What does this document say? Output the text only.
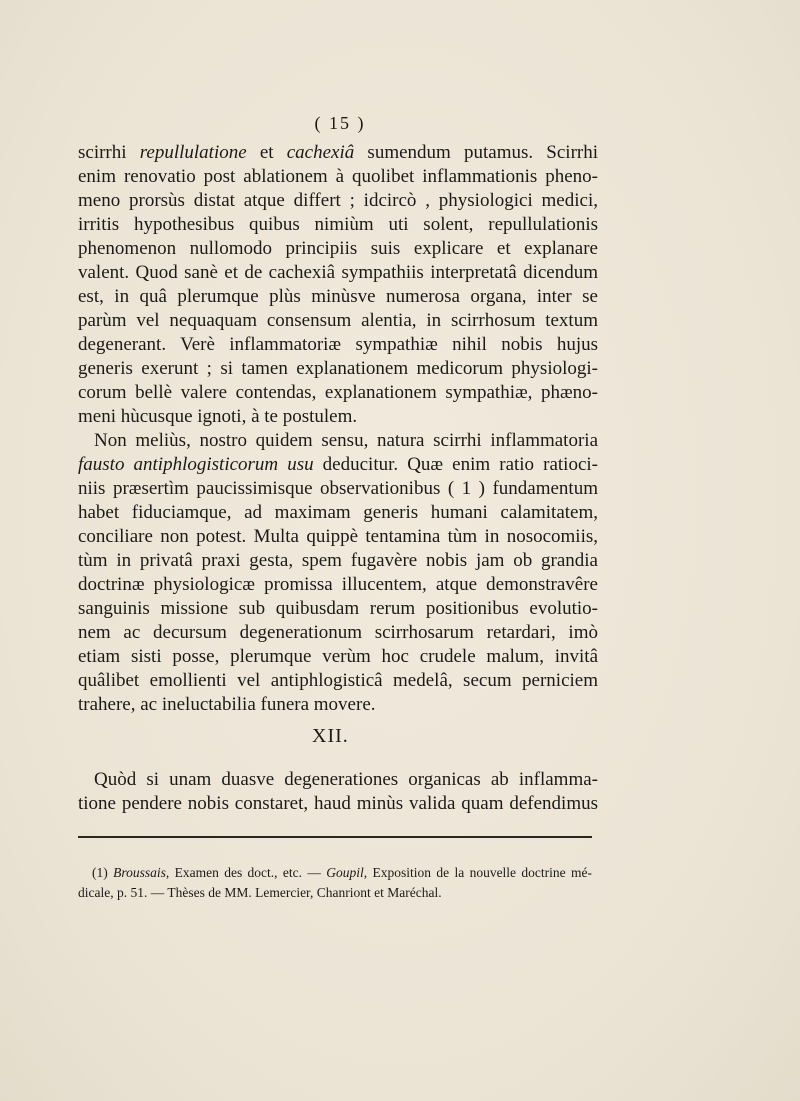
( 15 )
scirrhi repullulatione et cachexiâ sumendum putamus. Scirrhi
enim renovatio post ablationem à quolibet inflammationis pheno-
meno prorsùs distat atque differt ; idcircò , physiologici medici,
irritis hypothesibus quibus nimiùm uti solent, repullulationis
phenomenon nullomodo principiis suis explicare et explanare
valent. Quod sanè et de cachexiâ sympathiis interpretatâ dicendum
est, in quâ plerumque plùs minùsve numerosa organa, inter se
parùm vel nequaquam consensum alentia, in scirrhosum textum
degenerant. Verè inflammatoriæ sympathiæ nihil nobis hujus
generis exerunt ; si tamen explanationem medicorum physiologi-
corum bellè valere contendas, explanationem sympathiæ, phæno-
meni hùcusque ignoti, à te postulem.
Non meliùs, nostro quidem sensu, natura scirrhi inflammatoria
fausto antiphlogisticorum usu deducitur. Quæ enim ratio ratioci-
niis præsertìm paucissimisque observationibus ( 1 ) fundamentum
habet fiduciamque, ad maximam generis humani calamitatem,
conciliare non potest. Multa quippè tentamina tùm in nosocomiis,
tùm in privatâ praxi gesta, spem fugavère nobis jam ob grandia
doctrinæ physiologicæ promissa illucentem, atque demonstravêre
sanguinis missione sub quibusdam rerum positionibus evolutio-
nem ac decursum degenerationum scirrhosarum retardari, imò
etiam sisti posse, plerumque verùm hoc crudele malum, invitâ
quâlibet emollienti vel antiphlogisticâ medelâ, secum perniciem
trahere, ac ineluctabilia funera movere.
XII.
Quòd si unam duasve degenerationes organicas ab inflamma-
tione pendere nobis constaret, haud minùs valida quam defendimus
(1) Broussais, Examen des doct., etc. — Goupil, Exposition de la nouvelle doctrine mé-
dicale, p. 51. — Thèses de MM. Lemercier, Chanriont et Maréchal.
